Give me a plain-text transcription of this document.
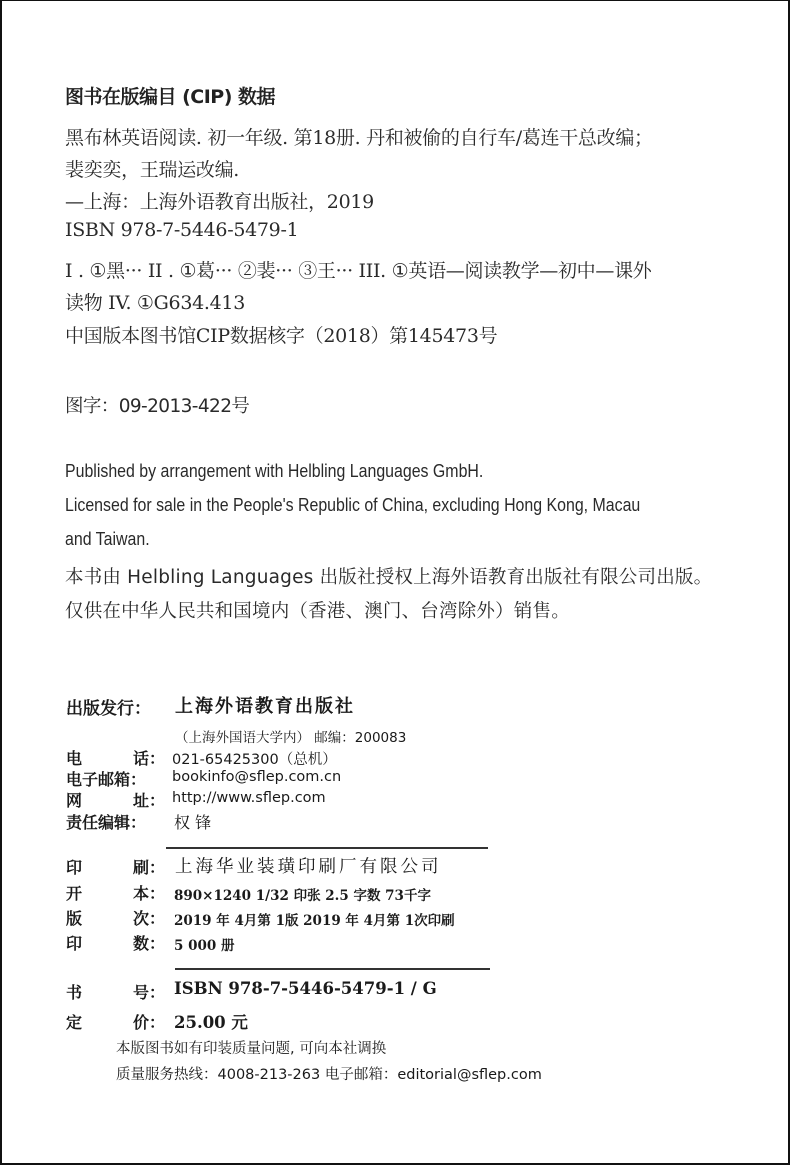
图书在版编目 (CIP) 数据
黑布林英语阅读. 初一年级. 第18册. 丹和被偷的自行车/葛连干总改编；
裴奕奕，王瑞运改编.
—上海：上海外语教育出版社，2019
ISBN 978-7-5446-5479-1
I . ①黑··· II . ①葛··· ②裴··· ③王··· III. ①英语—阅读教学—初中—课外
读物 IV. ①G634.413
中国版本图书馆CIP数据核字（2018）第145473号
图字：09-2013-422号
Published by arrangement with Helbling Languages GmbH.
Licensed for sale in the People's Republic of China, excluding Hong Kong, Macau
and Taiwan.
本书由 Helbling Languages 出版社授权上海外语教育出版社有限公司出版。
仅供在中华人民共和国境内（香港、澳门、台湾除外）销售。
出版发行： 上海外语教育出版社
（上海外国语大学内） 邮编：200083
电	话： 021-65425300（总机）
电子邮箱： bookinfo@sflep.com.cn
网	址： http://www.sflep.com
责任编辑： 权 锋
印	刷： 上海华业装璜印刷厂有限公司
开	本： 890×1240 1/32 印张 2.5 字数 73千字
版	次： 2019 年 4月第 1版 2019 年 4月第 1次印刷
印	数： 5 000 册
书	号： ISBN 978-7-5446-5479-1 / G
定	价： 25.00 元
本版图书如有印装质量问题, 可向本社调换
质量服务热线：4008-213-263 电子邮箱：editorial@sflep.com
